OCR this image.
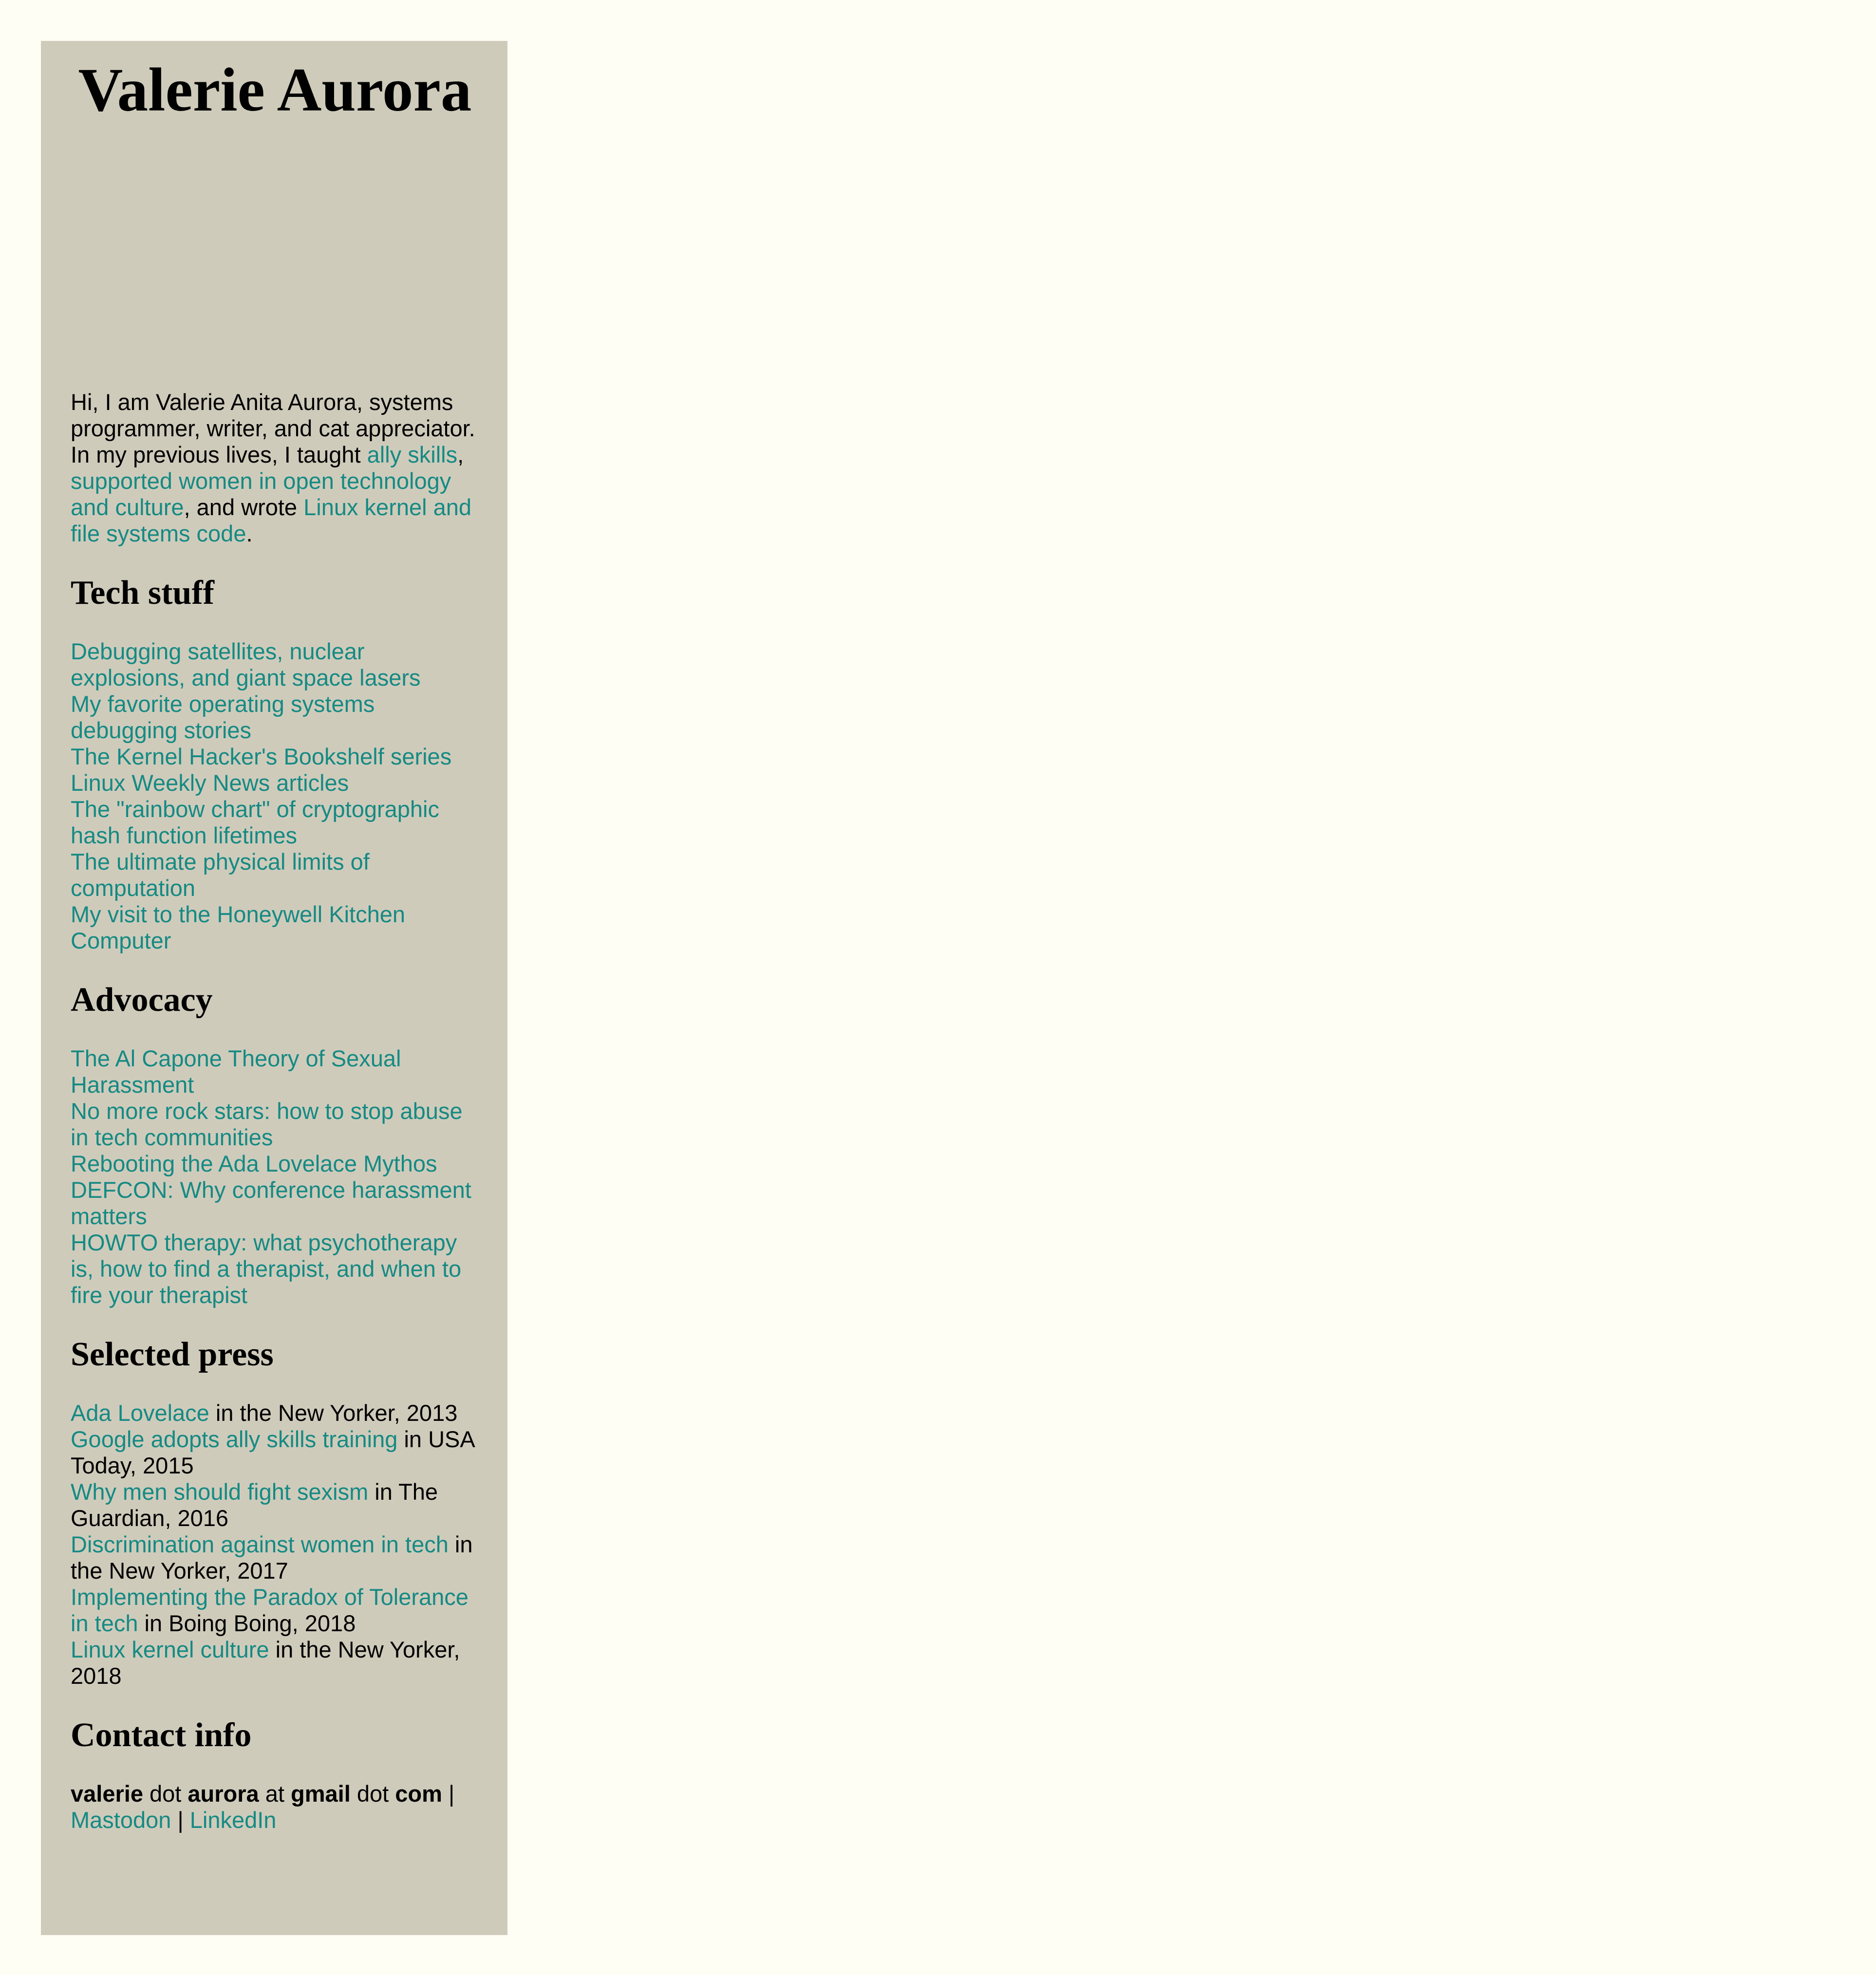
Valerie Aurora

Hi, I am Valerie Anita Aurora, systems programmer, writer, and cat appreciator. In my previous lives, I taught ally skills, supported women in open technology and culture, and wrote Linux kernel and file systems code.

Tech stuff
Debugging satellites, nuclear explosions, and giant space lasers
My favorite operating systems debugging stories
The Kernel Hacker's Bookshelf series
Linux Weekly News articles
The "rainbow chart" of cryptographic hash function lifetimes
The ultimate physical limits of computation
My visit to the Honeywell Kitchen Computer
Advocacy
The Al Capone Theory of Sexual Harassment
No more rock stars: how to stop abuse in tech communities
Rebooting the Ada Lovelace Mythos
DEFCON: Why conference harassment matters
HOWTO therapy: what psychotherapy is, how to find a therapist, and when to fire your therapist
Selected press
Ada Lovelace in the New Yorker, 2013
Google adopts ally skills training in USA Today, 2015
Why men should fight sexism in The Guardian, 2016
Discrimination against women in tech in the New Yorker, 2017
Implementing the Paradox of Tolerance in tech in Boing Boing, 2018
Linux kernel culture in the New Yorker, 2018
Contact info

valerie dot aurora at gmail dot com | Mastodon | LinkedIn
